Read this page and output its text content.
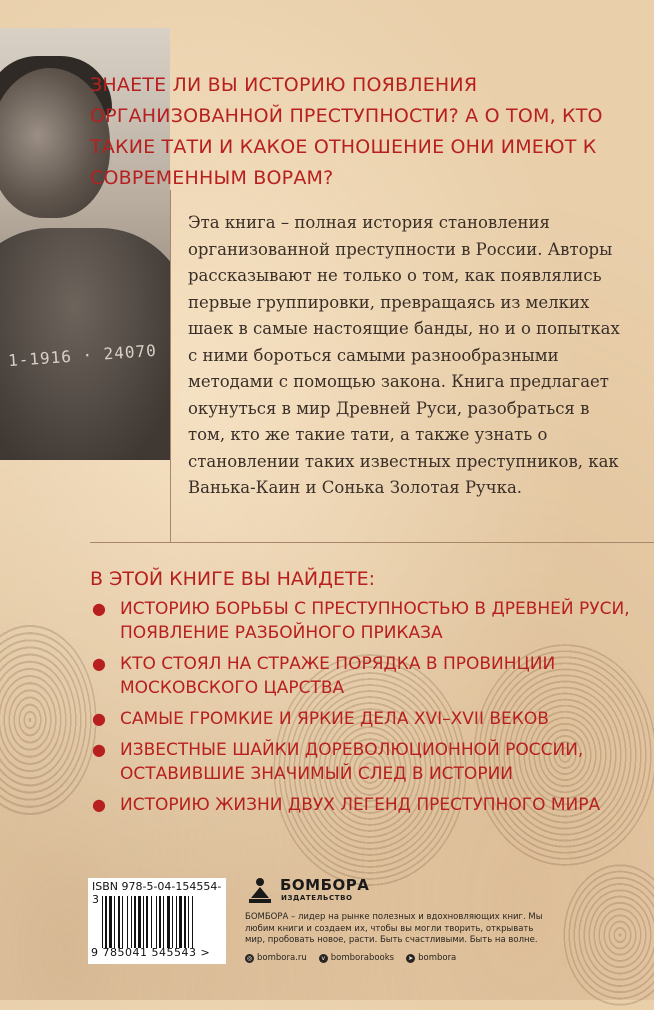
1-1916 · 24070

ЗНАЕТЕ ЛИ ВЫ ИСТОРИЮ ПОЯВЛЕНИЯ ОРГАНИЗОВАННОЙ ПРЕСТУПНОСТИ? А О ТОМ, КТО ТАКИЕ ТАТИ И КАКОЕ ОТНОШЕНИЕ ОНИ ИМЕЮТ К СОВРЕМЕННЫМ ВОРАМ?

Эта книга – полная история становления организованной преступности в России. Авторы рассказывают не только о том, как появлялись первые группировки, превращаясь из мелких шаек в самые настоящие банды, но и о попытках с ними бороться самыми разнообразными методами с помощью закона. Книга предлагает окунуться в мир Древней Руси, разобраться в том, кто же такие тати, а также узнать о становлении таких известных преступников, как Ванька-Каин и Сонька Золотая Ручка.

В ЭТОЙ КНИГЕ ВЫ НАЙДЕТЕ:
● ИСТОРИЮ БОРЬБЫ С ПРЕСТУПНОСТЬЮ В ДРЕВНЕЙ РУСИ, ПОЯВЛЕНИЕ РАЗБОЙНОГО ПРИКАЗА
● КТО СТОЯЛ НА СТРАЖЕ ПОРЯДКА В ПРОВИНЦИИ МОСКОВСКОГО ЦАРСТВА
● САМЫЕ ГРОМКИЕ И ЯРКИЕ ДЕЛА XVI–XVII ВЕКОВ
● ИЗВЕСТНЫЕ ШАЙКИ ДОРЕВОЛЮЦИОННОЙ РОССИИ, ОСТАВИВШИЕ ЗНАЧИМЫЙ СЛЕД В ИСТОРИИ
● ИСТОРИЮ ЖИЗНИ ДВУХ ЛЕГЕНД ПРЕСТУПНОГО МИРА
ISBN 978-5-04-154554-3
9 785041 545543 >
БОМБОРА
ИЗДАТЕЛЬСТВО

БОМБОРА – лидер на рынке полезных и вдохновляющих книг. Мы любим книги и создаем их, чтобы вы могли творить, открывать мир, пробовать новое, расти. Быть счастливыми. Быть на волне.

◎ bombora.ru	v bomborabooks	➤ bombora
